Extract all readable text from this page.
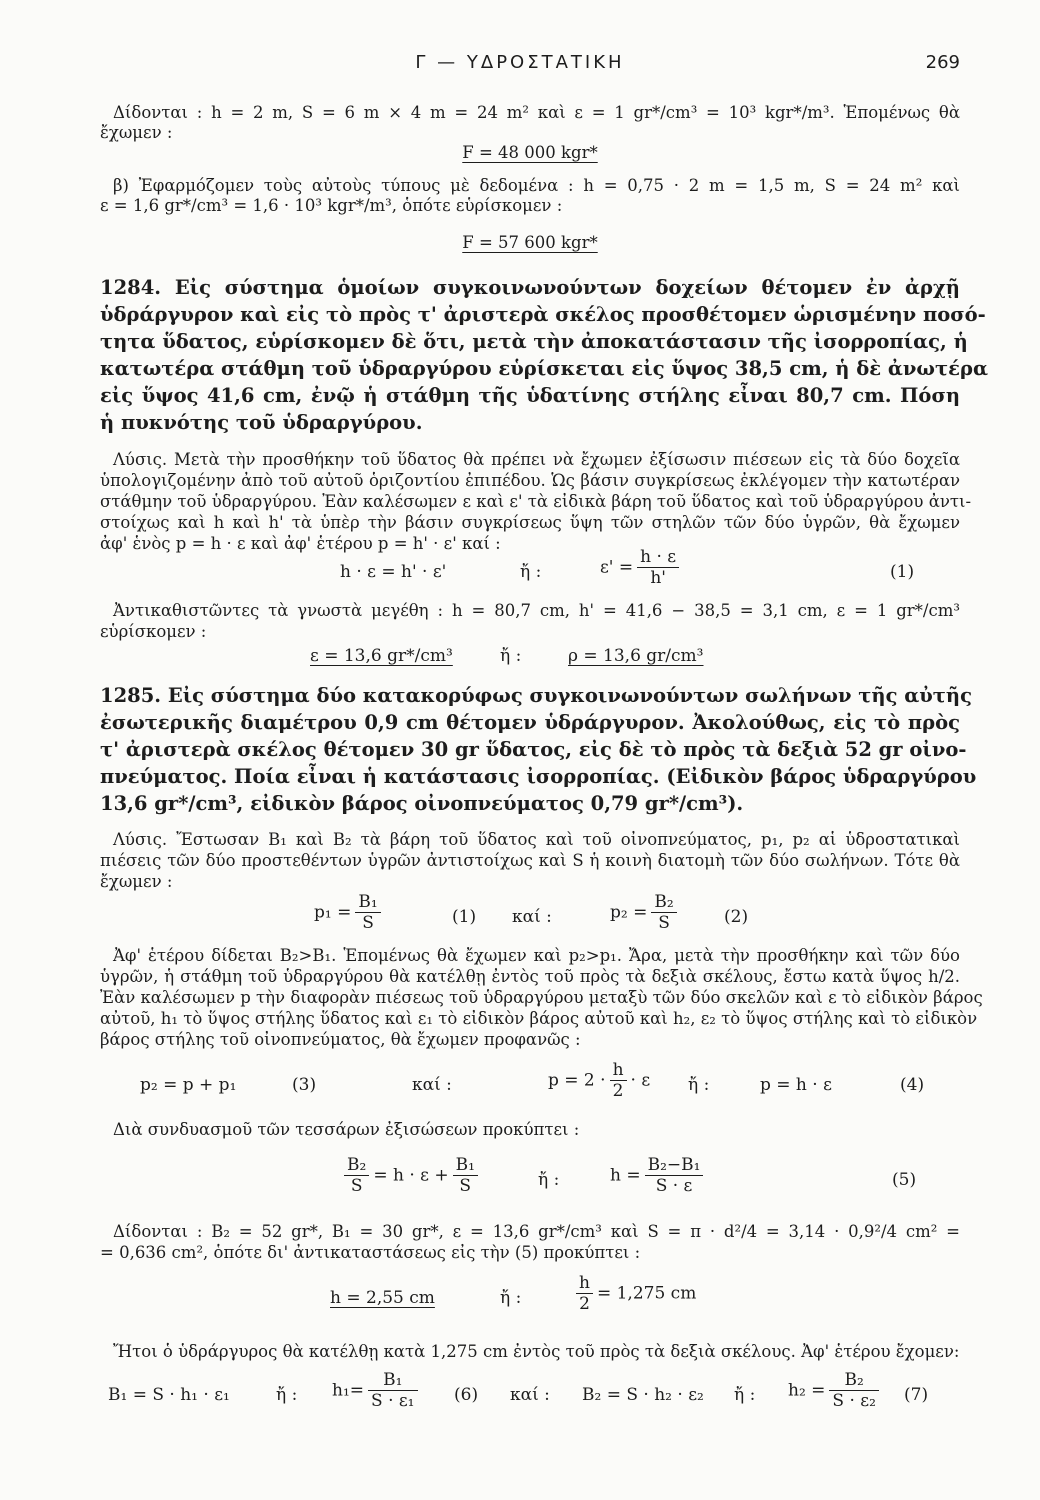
Γ — ΥΔΡΟΣΤΑΤΙΚΗ	269
Δίδονται : h = 2 m, S = 6 m × 4 m = 24 m² καὶ ε = 1 gr*/cm³ = 10³ kgr*/m³. Ἑπομένως θὰ
ἔχωμεν :
F = 48 000 kgr*
β) Ἐφαρμόζομεν τοὺς αὐτοὺς τύπους μὲ δεδομένα : h = 0,75 · 2 m = 1,5 m, S = 24 m² καὶ
ε = 1,6 gr*/cm³ = 1,6 · 10³ kgr*/m³, ὁπότε εὑρίσκομεν :
F = 57 600 kgr*
1284. Εἰς σύστημα ὁμοίων συγκοινωνούντων δοχείων θέτομεν ἐν ἀρχῇ
ὑδράργυρον καὶ εἰς τὸ πρὸς τ' ἀριστερὰ σκέλος προσθέτομεν ὡρισμένην ποσό-
τητα ὕδατος, εὑρίσκομεν δὲ ὅτι, μετὰ τὴν ἀποκατάστασιν τῆς ἰσορροπίας, ἡ
κατωτέρα στάθμη τοῦ ὑδραργύρου εὑρίσκεται εἰς ὕψος 38,5 cm, ἡ δὲ ἀνωτέρα
εἰς ὕψος 41,6 cm, ἐνῷ ἡ στάθμη τῆς ὑδατίνης στήλης εἶναι 80,7 cm. Πόση
ἡ πυκνότης τοῦ ὑδραργύρου.
Λύσις. Μετὰ τὴν προσθήκην τοῦ ὕδατος θὰ πρέπει νὰ ἔχωμεν ἐξίσωσιν πιέσεων εἰς τὰ δύο δοχεῖα
ὑπολογιζομένην ἀπὸ τοῦ αὐτοῦ ὁριζοντίου ἐπιπέδου. Ὡς βάσιν συγκρίσεως ἐκλέγομεν τὴν κατωτέραν
στάθμην τοῦ ὑδραργύρου. Ἐὰν καλέσωμεν ε καὶ ε' τὰ εἰδικὰ βάρη τοῦ ὕδατος καὶ τοῦ ὑδραργύρου ἀντι-
στοίχως καὶ h καὶ h' τὰ ὑπὲρ τὴν βάσιν συγκρίσεως ὕψη τῶν στηλῶν τῶν δύο ὑγρῶν, θὰ ἔχωμεν
ἀφ' ἑνὸς p = h · ε καὶ ἀφ' ἑτέρου p = h' · ε' καί :
h · ε = h' · ε'	ἤ :	$\varepsilon' = \frac{h \cdot \varepsilon}{h'}$	(1)
Ἀντικαθιστῶντες τὰ γνωστὰ μεγέθη : h = 80,7 cm, h' = 41,6 − 38,5 = 3,1 cm, ε = 1 gr*/cm³
εὑρίσκομεν :
ε = 13,6 gr*/cm³	ἤ :	ρ = 13,6 gr/cm³
1285. Εἰς σύστημα δύο κατακορύφως συγκοινωνούντων σωλήνων τῆς αὐτῆς
ἐσωτερικῆς διαμέτρου 0,9 cm θέτομεν ὑδράργυρον. Ἀκολούθως, εἰς τὸ πρὸς
τ' ἀριστερὰ σκέλος θέτομεν 30 gr ὕδατος, εἰς δὲ τὸ πρὸς τὰ δεξιὰ 52 gr οἰνο-
πνεύματος. Ποία εἶναι ἡ κατάστασις ἰσορροπίας. (Εἰδικὸν βάρος ὑδραργύρου
13,6 gr*/cm³, εἰδικὸν βάρος οἰνοπνεύματος 0,79 gr*/cm³).
Λύσις. Ἔστωσαν B₁ καὶ B₂ τὰ βάρη τοῦ ὕδατος καὶ τοῦ οἰνοπνεύματος, p₁, p₂ αἱ ὑδροστατικαὶ
πιέσεις τῶν δύο προστεθέντων ὑγρῶν ἀντιστοίχως καὶ S ἡ κοινὴ διατομὴ τῶν δύο σωλήνων. Τότε θὰ
ἔχωμεν :
$p_1 = \frac{\text{B₁}}{S}$	(1) καί :	$p_2 = \frac{\text{B₂}}{S}$	(2)
Ἀφ' ἑτέρου δίδεται B₂>B₁. Ἑπομένως θὰ ἔχωμεν καὶ p₂>p₁. Ἄρα, μετὰ τὴν προσθήκην καὶ τῶν δύο
ὑγρῶν, ἡ στάθμη τοῦ ὑδραργύρου θὰ κατέλθῃ ἐντὸς τοῦ πρὸς τὰ δεξιὰ σκέλους, ἔστω κατὰ ὕψος h/2.
Ἐὰν καλέσωμεν p τὴν διαφορὰν πιέσεως τοῦ ὑδραργύρου μεταξὺ τῶν δύο σκελῶν καὶ ε τὸ εἰδικὸν βάρος
αὐτοῦ, h₁ τὸ ὕψος στήλης ὕδατος καὶ ε₁ τὸ εἰδικὸν βάρος αὐτοῦ καὶ h₂, ε₂ τὸ ὕψος στήλης καὶ τὸ εἰδικὸν
βάρος στήλης τοῦ οἰνοπνεύματος, θὰ ἔχωμεν προφανῶς :
p₂ = p + p₁	(3)	καί :	$p = 2 \cdot \frac{h}{2} \cdot \varepsilon$ ἤ :	p = h · ε	(4)
Διὰ συνδυασμοῦ τῶν τεσσάρων ἐξισώσεων προκύπτει :
$\frac{\text{B₂}}{S} = h \cdot \varepsilon + \frac{\text{B₁}}{S}$	ἤ :	$h = \frac{\text{B₂−B₁}}{S \cdot \varepsilon}$	(5)
Δίδονται : B₂ = 52 gr*, B₁ = 30 gr*, ε = 13,6 gr*/cm³ καὶ S = π · d²/4 = 3,14 · 0,9²/4 cm² =
= 0,636 cm², ὁπότε δι' ἀντικαταστάσεως εἰς τὴν (5) προκύπτει :
h = 2,55 cm	ἤ :	$\frac{h}{2} = 1,275$ cm
Ἤτοι ὁ ὑδράργυρος θὰ κατέλθῃ κατὰ 1,275 cm ἐντὸς τοῦ πρὸς τὰ δεξιὰ σκέλους. Ἀφ' ἑτέρου ἔχομεν:
B₁ = S · h₁ · ε₁	ἤ : $h_1= \frac{\text{B₁}}{\text{S · ε₁}} (6)$ καί : B₂ = S · h₂ · ε₂ ἤ : $h_2 = \frac{\text{B₂}}{\text{S · ε₂}} (7)$
